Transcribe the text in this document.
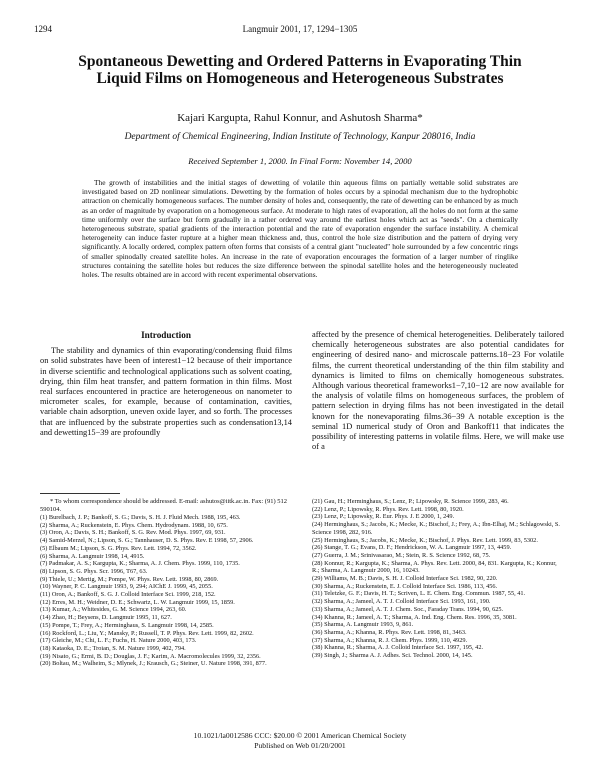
1294	Langmuir 2001, 17, 1294−1305
Spontaneous Dewetting and Ordered Patterns in Evaporating Thin Liquid Films on Homogeneous and Heterogeneous Substrates
Kajari Kargupta, Rahul Konnur, and Ashutosh Sharma*
Department of Chemical Engineering, Indian Institute of Technology, Kanpur 208016, India
Received September 1, 2000. In Final Form: November 14, 2000

The growth of instabilities and the initial stages of dewetting of volatile thin aqueous films on partially wettable solid substrates are investigated based on 2D nonlinear simulations. Dewetting by the formation of holes occurs by a spinodal mechanism due to the hydrophobic attraction on chemically homogeneous surfaces. The number density of holes and, consequently, the rate of dewetting can be enhanced by as much as an order of magnitude by evaporation on a homogeneous surface. At moderate to high rates of evaporation, all the holes do not form at the same time uniformly over the surface but form gradually in a rather ordered way around the earliest holes which act as "seeds". On a chemically heterogeneous substrate, spatial gradients of the interaction potential and the rate of evaporation engender the surface instability. A chemical heterogeneity can induce faster rupture at a higher mean thickness and, thus, control the hole size distribution and the pattern of drying very significantly. A locally ordered, complex pattern often forms that consists of a central giant "nucleated" hole surrounded by a few concentric rings of smaller spinodally created satellite holes. An increase in the rate of evaporation encourages the formation of a larger number of ringlike structures containing the satellite holes but reduces the size difference between the spinodal satellite holes and the heterogeneously nucleated holes. The results obtained are in accord with recent experimental observations.

Introduction

The stability and dynamics of thin evaporating/condensing fluid films on solid substrates have been of interest1−12 because of their importance in diverse scientific and technological applications such as solvent coating, drying, thin film heat transfer, and pattern formation in thin films. Most real surfaces encountered in practice are heterogeneous on nanometer to micrometer scales, for example, because of contamination, cavities, variable chain adsorption, uneven oxide layer, and so forth. The processes that are influenced by the substrate properties such as condensation13,14 and dewetting15−39 are profoundly

affected by the presence of chemical heterogeneities. Deliberately tailored chemically heterogeneous substrates are also potential candidates for engineering of desired nano- and microscale patterns.18−23 For volatile films, the current theoretical understanding of the thin film stability and dynamics is limited to films on chemically homogeneous substrates. Although various theoretical frameworks1−7,10−12 are now available for the analysis of volatile films on homogeneous surfaces, the problem of pattern selection in drying films has not been investigated in the detail known for the nonevaporating films.36−39 A notable exception is the seminal 1D numerical study of Oron and Bankoff11 that indicates the possibility of interesting patterns in volatile films. Here, we will make use of a

* To whom correspondence should be addressed. E-mail: ashutos@iitk.ac.in. Fax: (91) 512 590104.
(1) Burelbach, J. P.; Bankoff, S. G.; Davis, S. H. J. Fluid Mech. 1988, 195, 463.
(2) Sharma, A.; Ruckenstein, E. Phys. Chem. Hydrodynam. 1988, 10, 675.
(3) Oron, A.; Davis, S. H.; Bankoff, S. G. Rev. Mod. Phys. 1997, 69, 931.
(4) Samid-Merzel, N.; Lipson, S. G.; Tannhauser, D. S. Phys. Rev. E 1998, 57, 2906.
(5) Elbaum M.; Lipson, S. G. Phys. Rev. Lett. 1994, 72, 3562.
(6) Sharma, A. Langmuir 1998, 14, 4915.
(7) Padmakar, A. S.; Kargupta, K.; Sharma, A. J. Chem. Phys. 1999, 110, 1735.
(8) Lipson, S. G. Phys. Scr. 1996, T67, 63.
(9) Thiele, U.; Mertig, M.; Pompe, W. Phys. Rev. Lett. 1998, 80, 2869.
(10) Wayner, P. C. Langmuir 1993, 9, 294; AIChE J. 1999, 45, 2055.
(11) Oron, A.; Bankoff, S. G. J. Colloid Interface Sci. 1999, 218, 152.
(12) Erres, M. H.; Weidner, D. E.; Schwartz, L. W. Langmuir 1999, 15, 1859.
(13) Kumar, A.; Whitesides, G. M. Science 1994, 263, 60.
(14) Zhao, H.; Beysens, D. Langmuir 1995, 11, 627.
(15) Pompe, T.; Frey, A.; Herminghaus, S. Langmuir 1998, 14, 2585.
(16) Rockford, L.; Liu, Y.; Mansky, P.; Russell, T. P. Phys. Rev. Lett. 1999, 82, 2602.
(17) Gleiche, M.; Chi, L. F.; Fuchs, H. Nature 2000, 403, 173.
(18) Kataoka, D. E.; Troian, S. M. Nature 1999, 402, 794.
(19) Nisato, G.; Ermi, B. D.; Douglas, J. F.; Karim, A. Macromolecules 1999, 32, 2356.
(20) Boltau, M.; Walheim, S.; Mlynek, J.; Krausch, G.; Steiner, U. Nature 1998, 391, 877.
(21) Gau, H.; Herminghaus, S.; Lenz, P.; Lipowsky, R. Science 1999, 283, 46.
(22) Lenz, P.; Lipowsky, R. Phys. Rev. Lett. 1998, 80, 1920.
(23) Lenz, P.; Lipowsky, R. Eur. Phys. J. E 2000, 1, 249.
(24) Herminghaus, S.; Jacobs, K.; Mecke, K.; Bischof, J.; Frey, A.; Ibn-Elhaj, M.; Schlagowski, S. Science 1998, 282, 916.
(25) Herminghaus, S.; Jacobs, K.; Mecke, K.; Bischof, J. Phys. Rev. Lett. 1999, 83, 5302.
(26) Stange, T. G.; Evans, D. F.; Hendrickson, W. A. Langmuir 1997, 13, 4459.
(27) Guerra, J. M.; Srinivasarao, M.; Stein, R. S. Science 1992, 68, 75.
(28) Konnur, R.; Kargupta, K.; Sharma, A. Phys. Rev. Lett. 2000, 84, 831. Kargupta, K.; Konnur, R.; Sharma, A. Langmuir 2000, 16, 10243.
(29) Williams, M. B.; Davis, S. H. J. Colloid Interface Sci. 1982, 90, 220.
(30) Sharma, A.; Ruckenstein, E. J. Colloid Interface Sci. 1986, 113, 456.
(31) Teletzke, G. F.; Davis, H. T.; Scriven, L. E. Chem. Eng. Commun. 1987, 55, 41.
(32) Sharma, A.; Jameel, A. T. J. Colloid Interface Sci. 1993, 161, 190.
(33) Sharma, A.; Jameel, A. T. J. Chem. Soc., Faraday Trans. 1994, 90, 625.
(34) Khanna, R.; Jameel, A. T.; Sharma, A. Ind. Eng. Chem. Res. 1996, 35, 3081.
(35) Sharma, A. Langmuir 1993, 9, 861.
(36) Sharma, A.; Khanna, R. Phys. Rev. Lett. 1998, 81, 3463.
(37) Sharma, A.; Khanna, R. J. Chem. Phys. 1999, 110, 4929.
(38) Khanna, R.; Sharma, A. J. Colloid Interface Sci. 1997, 195, 42.
(39) Singh, J.; Sharma A. J. Adhes. Sci. Technol. 2000, 14, 145.
10.1021/la0012586 CCC: $20.00 © 2001 American Chemical Society
Published on Web 01/20/2001
